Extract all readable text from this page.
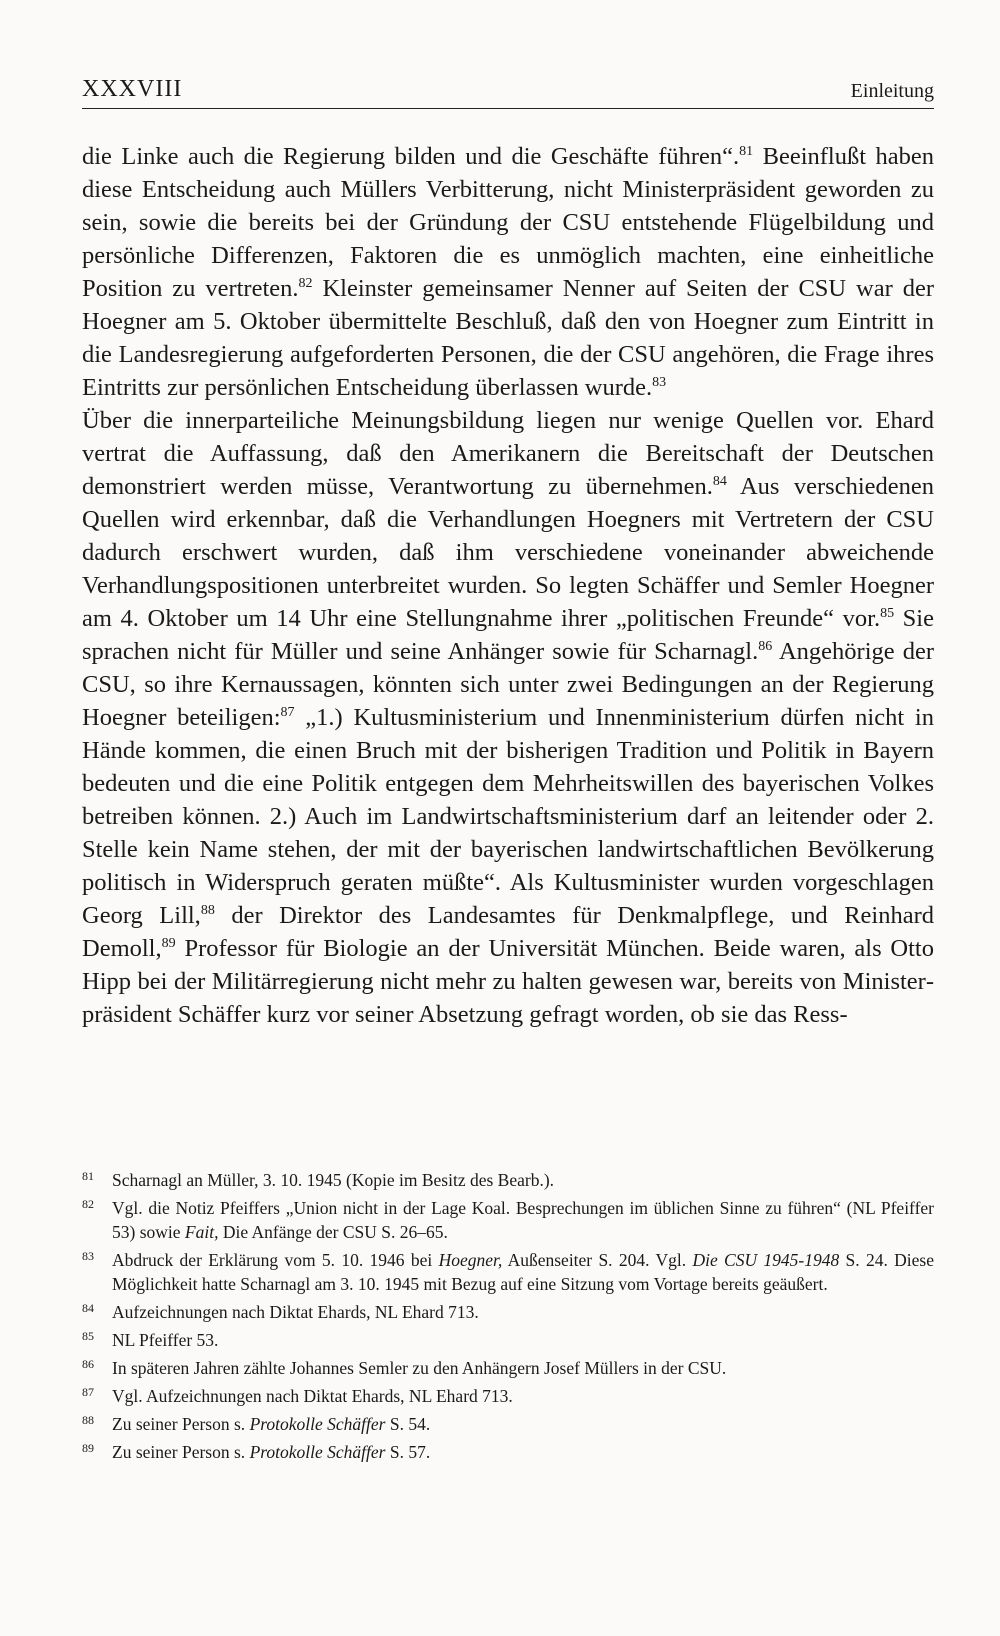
XXXVIII	Einleitung

die Linke auch die Regierung bilden und die Geschäfte führen“.$^{81}$ Beeinflußt haben diese Entscheidung auch Müllers Verbitterung, nicht Ministerpräsident geworden zu sein, sowie die bereits bei der Gründung der CSU entstehende Flügelbildung und persönliche Differenzen, Faktoren die es unmöglich machten, eine einheitliche Position zu vertreten.$^{82}$ Kleinster gemeinsamer Nenner auf Seiten der CSU war der Hoegner am 5. Oktober übermittelte Beschluß, daß den von Hoegner zum Eintritt in die Landesregierung aufgeforderten Personen, die der CSU angehören, die Frage ihres Eintritts zur persönlichen Entscheidung überlassen wurde.$^{83}$

Über die innerparteiliche Meinungsbildung liegen nur wenige Quellen vor. Ehard vertrat die Auffassung, daß den Amerikanern die Bereitschaft der Deutschen demonstriert werden müsse, Verantwortung zu übernehmen.$^{84}$ Aus verschiedenen Quellen wird erkennbar, daß die Verhandlungen Hoegners mit Vertretern der CSU dadurch erschwert wurden, daß ihm verschiedene voneinander abweichende Verhandlungspositionen unterbreitet wurden. So legten Schäffer und Semler Hoegner am 4. Oktober um 14 Uhr eine Stellungnahme ihrer „politischen Freunde“ vor.$^{85}$ Sie sprachen nicht für Müller und seine Anhänger sowie für Scharnagl.$^{86}$ Angehörige der CSU, so ihre Kernaussagen, könnten sich unter zwei Bedingungen an der Regierung Hoegner beteiligen:$^{87}$ „1.) Kultusministerium und Innenministerium dürfen nicht in Hände kommen, die einen Bruch mit der bisherigen Tradition und Politik in Bayern bedeuten und die eine Politik entgegen dem Mehrheitswillen des bayerischen Volkes betreiben können. 2.) Auch im Landwirtschaftsministerium darf an leitender oder 2. Stelle kein Name stehen, der mit der bayerischen landwirtschaftlichen Bevölkerung politisch in Widerspruch geraten müßte“. Als Kultusminister wurden vorgeschlagen Georg Lill,$^{88}$ der Direktor des Landesamtes für Denkmalpflege, und Reinhard Demoll,$^{89}$ Professor für Biologie an der Universität München. Beide waren, als Otto Hipp bei der Militärregierung nicht mehr zu halten gewesen war, bereits von Ministerpräsident Schäffer kurz vor seiner Absetzung gefragt worden, ob sie das Ress-

81	Scharnagl an Müller, 3. 10. 1945 (Kopie im Besitz des Bearb.).
82	Vgl. die Notiz Pfeiffers „Union nicht in der Lage Koal. Besprechungen im üblichen Sinne zu führen“ (NL Pfeiffer 53) sowie Fait, Die Anfänge der CSU S. 26–65.
83	Abdruck der Erklärung vom 5. 10. 1946 bei Hoegner, Außenseiter S. 204. Vgl. Die CSU 1945-1948 S. 24. Diese Möglichkeit hatte Scharnagl am 3. 10. 1945 mit Bezug auf eine Sitzung vom Vortage bereits geäußert.
84	Aufzeichnungen nach Diktat Ehards, NL Ehard 713.
85	NL Pfeiffer 53.
86	In späteren Jahren zählte Johannes Semler zu den Anhängern Josef Müllers in der CSU.
87	Vgl. Aufzeichnungen nach Diktat Ehards, NL Ehard 713.
88	Zu seiner Person s. Protokolle Schäffer S. 54.
89	Zu seiner Person s. Protokolle Schäffer S. 57.
